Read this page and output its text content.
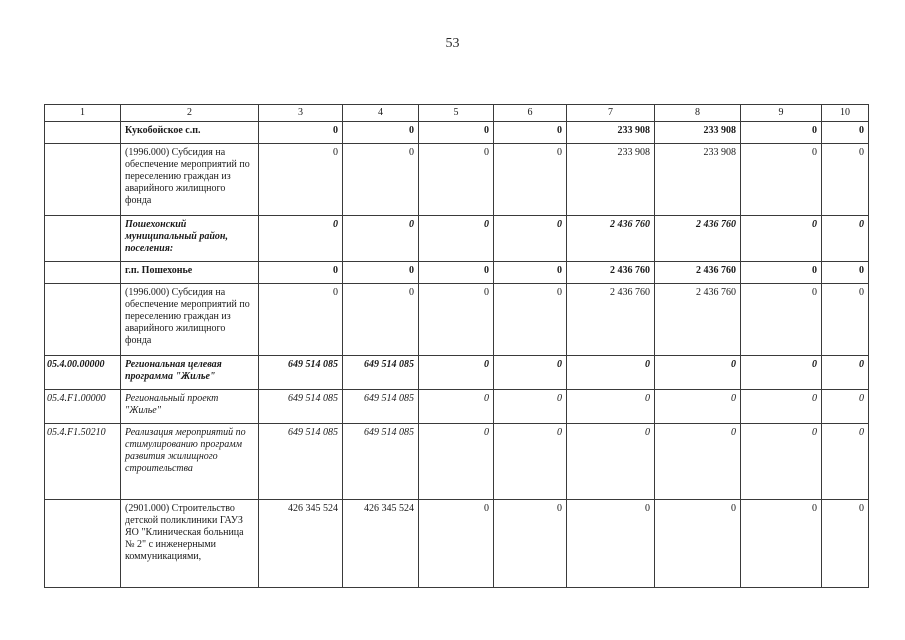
53
1	2	3	4	5	6	7	8	9	10
	Кукобойское с.п.	0	0	0	0	233 908	233 908	0	0
	(1996.000) Субсидия на обеспечение мероприятий по переселению граждан из аварийного жилищного фонда	0	0	0	0	233 908	233 908	0	0
	Пошехонский муниципальный район, поселения:	0	0	0	0	2 436 760	2 436 760	0	0
	г.п. Пошехонье	0	0	0	0	2 436 760	2 436 760	0	0
	(1996.000) Субсидия на обеспечение мероприятий по переселению граждан из аварийного жилищного фонда	0	0	0	0	2 436 760	2 436 760	0	0
05.4.00.00000	Региональная целевая программа "Жилье"	649 514 085	649 514 085	0	0	0	0	0	0
05.4.F1.00000	Региональный проект "Жилье"	649 514 085	649 514 085	0	0	0	0	0	0
05.4.F1.50210	Реализация мероприятий по стимулированию программ развития жилищного строительства	649 514 085	649 514 085	0	0	0	0	0	0
	(2901.000) Строительство детской поликлиники ГАУЗ ЯО "Клиническая больница № 2" с инженерными коммуникациями,	426 345 524	426 345 524	0	0	0	0	0	0
